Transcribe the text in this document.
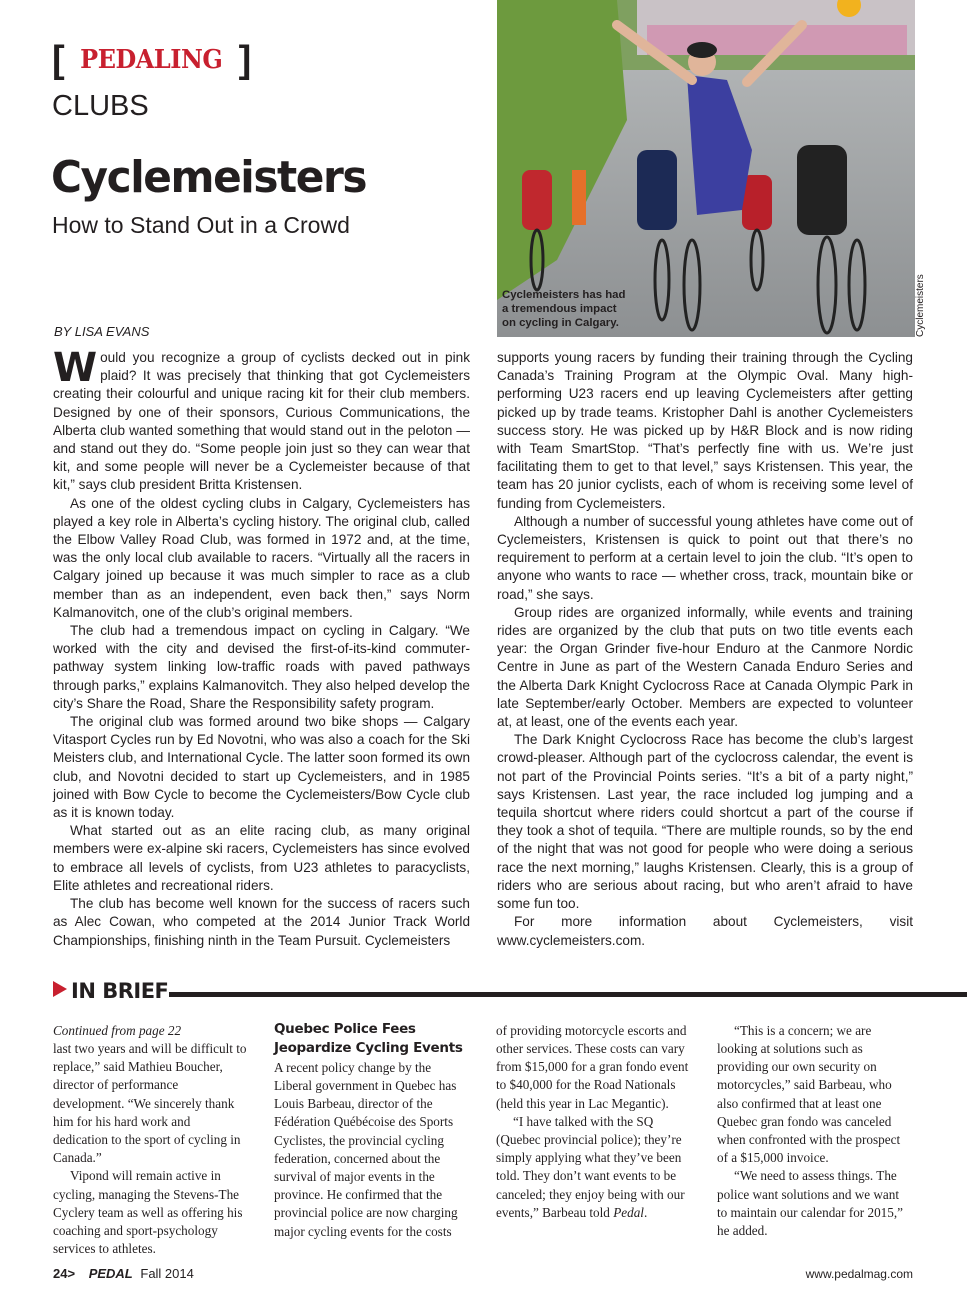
[ PEDALING ]
CLUBS
Cyclemeisters
How to Stand Out in a Crowd
BY LISA EVANS
Cyclemeisters has had
a tremendous impact
on cycling in Calgary.	Cyclemeisters

Would you recognize a group of cyclists decked out in pink plaid? It was precisely that thinking that got Cyclemeisters creating their colourful and unique racing kit for their club members. Designed by one of their sponsors, Curious Communications, the Alberta club wanted something that would stand out in the peloton — and stand out they do. “Some people join just so they can wear that kit, and some people will never be a Cyclemeister because of that kit,” says club president Britta Kristensen.

As one of the oldest cycling clubs in Calgary, Cyclemeisters has played a key role in Alberta’s cycling history. The original club, called the Elbow Valley Road Club, was formed in 1972 and, at the time, was the only local club available to racers. “Virtually all the racers in Calgary joined up because it was much simpler to race as a club member than as an independent, even back then,” says Norm Kalmanovitch, one of the club’s original members.

The club had a tremendous impact on cycling in Calgary. “We worked with the city and devised the first-of-its-kind commuter-pathway system linking low-traffic roads with paved pathways through parks,” explains Kalmanovitch. They also helped develop the city’s Share the Road, Share the Responsibility safety program.

The original club was formed around two bike shops — Calgary Vitasport Cycles run by Ed Novotni, who was also a coach for the Ski Meisters club, and International Cycle. The latter soon formed its own club, and Novotni decided to start up Cyclemeisters, and in 1985 joined with Bow Cycle to become the Cyclemeisters/Bow Cycle club as it is known today.

What started out as an elite racing club, as many original members were ex-alpine ski racers, Cyclemeisters has since evolved to embrace all levels of cyclists, from U23 athletes to paracyclists, Elite athletes and recreational riders.

The club has become well known for the success of racers such as Alec Cowan, who competed at the 2014 Junior Track World Championships, finishing ninth in the Team Pursuit. Cyclemeisters

supports young racers by funding their training through the Cycling Canada’s Training Program at the Olympic Oval. Many high-performing U23 racers end up leaving Cyclemeisters after getting picked up by trade teams. Kristopher Dahl is another Cyclemeisters success story. He was picked up by H&R Block and is now riding with Team SmartStop. “That’s perfectly fine with us. We’re just facilitating them to get to that level,” says Kristensen. This year, the team has 20 junior cyclists, each of whom is receiving some level of funding from Cyclemeisters.

Although a number of successful young athletes have come out of Cyclemeisters, Kristensen is quick to point out that there’s no requirement to perform at a certain level to join the club. “It’s open to anyone who wants to race — whether cross, track, mountain bike or road,” she says.

Group rides are organized informally, while events and training rides are organized by the club that puts on two title events each year: the Organ Grinder five-hour Enduro at the Canmore Nordic Centre in June as part of the Western Canada Enduro Series and the Alberta Dark Knight Cyclocross Race at Canada Olympic Park in late September/early October. Members are expected to volunteer at, at least, one of the events each year.

The Dark Knight Cyclocross Race has become the club’s largest crowd-pleaser. Although part of the cyclocross calendar, the event is not part of the Provincial Points series. “It’s a bit of a party night,” says Kristensen. Last year, the race included log jumping and a tequila shortcut where riders could shortcut a part of the course if they took a shot of tequila. “There are multiple rounds, so by the end of the night that was not good for people who were doing a serious race the next morning,” laughs Kristensen. Clearly, this is a group of riders who are serious about racing, but who aren’t afraid to have some fun too.

For more information about Cyclemeisters, visit www.cyclemeisters.com.

IN BRIEF

Continued from page 22

last two years and will be difficult to replace,” said Mathieu Boucher, director of performance development. “We sincerely thank him for his hard work and dedication to the sport of cycling in Canada.”

Vipond will remain active in cycling, managing the Stevens-The Cyclery team as well as offering his coaching and sport-psychology services to athletes.

Quebec Police Fees Jeopardize Cycling Events

A recent policy change by the Liberal government in Quebec has Louis Barbeau, director of the Fédération Québécoise des Sports Cyclistes, the provincial cycling federation, concerned about the survival of major events in the province. He confirmed that the provincial police are now charging major cycling events for the costs

of providing motorcycle escorts and other services. These costs can vary from $15,000 for a gran fondo event to $40,000 for the Road Nationals (held this year in Lac Megantic).

“I have talked with the SQ (Quebec provincial police); they’re simply applying what they’ve been told. They don’t want events to be canceled; they enjoy being with our events,” Barbeau told Pedal.

“This is a concern; we are looking at solutions such as providing our own security on motorcycles,” said Barbeau, who also confirmed that at least one Quebec gran fondo was canceled when confronted with the prospect of a $15,000 invoice.

“We need to assess things. The police want solutions and we want to maintain our calendar for 2015,” he added.

24> PEDAL Fall 2014	www.pedalmag.com
